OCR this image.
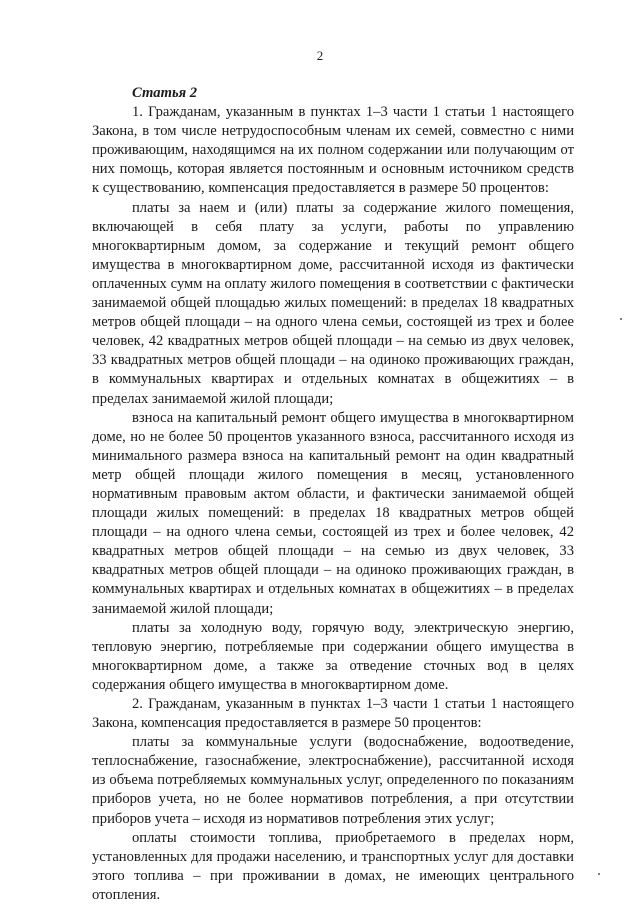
2

Статья 2

1. Гражданам, указанным в пунктах 1–3 части 1 статьи 1 настоящего Закона, в том числе нетрудоспособным членам их семей, совместно с ними проживающим, находящимся на их полном содержании или получающим от них помощь, которая является постоянным и основным источником средств к существованию, компенсация предоставляется в размере 50 процентов:

платы за наем и (или) платы за содержание жилого помещения, включающей в себя плату за услуги, работы по управлению многоквартирным домом, за содержание и текущий ремонт общего имущества в многоквартирном доме, рассчитанной исходя из фактически оплаченных сумм на оплату жилого помещения в соответствии с фактически занимаемой общей площадью жилых помещений: в пределах 18 квадратных метров общей площади – на одного члена семьи, состоящей из трех и более человек, 42 квадратных метров общей площади – на семью из двух человек, 33 квадратных метров общей площади – на одиноко проживающих граждан, в коммунальных квартирах и отдельных комнатах в общежитиях – в пределах занимаемой жилой площади;

взноса на капитальный ремонт общего имущества в многоквартирном доме, но не более 50 процентов указанного взноса, рассчитанного исходя из минимального размера взноса на капитальный ремонт на один квадратный метр общей площади жилого помещения в месяц, установленного нормативным правовым актом области, и фактически занимаемой общей площади жилых помещений: в пределах 18 квадратных метров общей площади – на одного члена семьи, состоящей из трех и более человек, 42 квадратных метров общей площади – на семью из двух человек, 33 квадратных метров общей площади – на одиноко проживающих граждан, в коммунальных квартирах и отдельных комнатах в общежитиях – в пределах занимаемой жилой площади;

платы за холодную воду, горячую воду, электрическую энергию, тепловую энергию, потребляемые при содержании общего имущества в многоквартирном доме, а также за отведение сточных вод в целях содержания общего имущества в многоквартирном доме.

2. Гражданам, указанным в пунктах 1–3 части 1 статьи 1 настоящего Закона, компенсация предоставляется в размере 50 процентов:

платы за коммунальные услуги (водоснабжение, водоотведение, теплоснабжение, газоснабжение, электроснабжение), рассчитанной исходя из объема потребляемых коммунальных услуг, определенного по показаниям приборов учета, но не более нормативов потребления, а при отсутствии приборов учета – исходя из нормативов потребления этих услуг;

оплаты стоимости топлива, приобретаемого в пределах норм, установленных для продажи населению, и транспортных услуг для доставки этого топлива – при проживании в домах, не имеющих центрального отопления.
